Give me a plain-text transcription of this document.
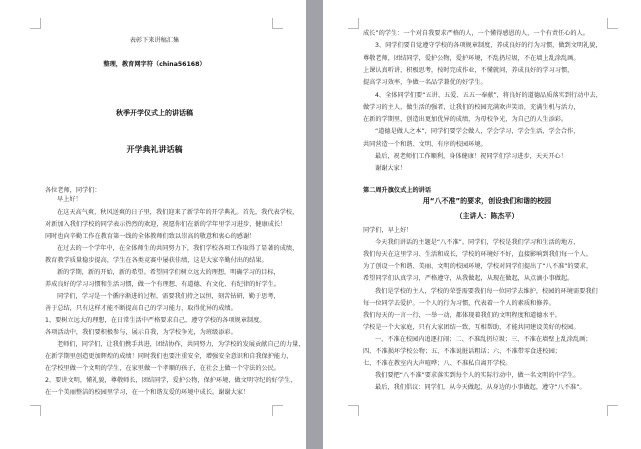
表彰下来讲稿汇集
整理，教育网字符（china56168）
秋季开学仪式上的讲话稿
开学典礼讲话稿
各位老师，同学们：
早上好！
在这天高气爽，秋风送爽的日子里，我们迎来了新学年的开学典礼。首先，我代表学校，
对新加入我们学校的同学表示热烈的欢迎，祝愿你们在新的学年里学习进步，健康成长！
同时也向辛勤工作在教育第一线的全体教师们致以崇高的敬意和衷心的感谢！
在过去的一个学年中，在全体师生的共同努力下，我们学校各项工作取得了显著的成绩，
教育教学质量稳步提高，学生在各类竞赛中屡获佳绩，这是大家辛勤付出的结果。
新的学期，新的开始，新的希望。希望同学们树立远大的理想，明确学习的目标，
养成良好的学习习惯和生活习惯，做一个有理想、有道德、有文化、有纪律的好学生。
同学们，学习是一个循序渐进的过程，需要我们持之以恒，刻苦钻研，勤于思考，
善于总结，只有这样才能不断提高自己的学习能力，取得优异的成绩。
1、要树立远大的理想，在日常生活中严格要求自己，遵守学校的各项规章制度。
各项活动中，我们要积极参与，展示自我，为学校争光，为班级添彩。
老师们，同学们，让我们携手共进，团结协作，共同努力，为学校的发展贡献自己的力量，
在新学期里创造更加辉煌的成绩！同时我们也要注重安全，增强安全意识和自我保护能力，
在学校里做一个文明的学生，在家里做一个孝顺的孩子，在社会上做一个守法的公民。
2、要讲文明，懂礼貌，尊敬师长，团结同学，爱护公物，保护环境，做文明守纪的好学生，
在一个美丽整洁的校园里学习，在一个和谐友爱的环境中成长。谢谢大家！
第二周升旗仪式上的讲话
用“八不准”的要求，创设我们和谐的校园
（主讲人：陈杰平）
成长”的学生：一个对自我要求严格的人，一个懂得感恩的人，一个有责任心的人。
3、同学们要自觉遵守学校的各项规章制度，养成良好的行为习惯，做到文明礼貌，
尊敬老师，团结同学，爱护公物，爱护环境，不乱扔垃圾，不在墙上乱涂乱画。
上课认真听讲，积极思考，按时完成作业，不懂就问，养成良好的学习习惯，
提高学习效率，争做一名品学兼优的好学生。
4、全体同学们要“五讲、五爱、五五一奉献”，将良好的道德品质落实到行动中去，
做学习的主人，做生活的强者，让我们的校园充满欢声笑语，充满生机与活力，
在新的学期里，创造出更加优异的成绩，为母校争光，为自己的人生添彩。
“道德是做人之本”，同学们要学会做人，学会学习，学会生活，学会合作，
共同营造一个和谐、文明、有序的校园环境。
最后，祝老师们工作顺利，身体健康！祝同学们学习进步，天天开心！
谢谢大家！
同学们，早上好！
今天我们讲话的主题是“八不准”。同学们，学校是我们学习和生活的地方，
我们每天在这里学习、生活和成长，学校的环境好不好，直接影响到我们每一个人。
为了创设一个和谐、美丽、文明的校园环境，学校对同学们提出了“八不准”的要求，
希望同学们认真学习，严格遵守，从我做起，从现在做起，从点滴小事做起。
我们是学校的主人，学校的荣誉需要我们每一位同学去维护，校园的环境需要我们
每一位同学去爱护。一个人的行为习惯，代表着一个人的素质和修养。
我们每天的一言一行，一举一动，都体现着我们的文明程度和道德水平。
学校是一个大家庭，只有大家团结一致，互相帮助，才能共同建设美好的校园。
一、不准在校园内追逐打闹；二、不准乱扔垃圾；三、不准在墙壁上乱涂乱画；
四、不准损坏学校公物；五、不准说脏话粗话；六、不准带零食进校园；
七、不准在教室内大声喧哗；八、不准私自离开学校。
我们要把“八不准”要求落实到每个人的实际行动中，做一名文明的中学生。
最后，我们倡议：同学们，从今天做起，从身边的小事做起，遵守“八不准”。
